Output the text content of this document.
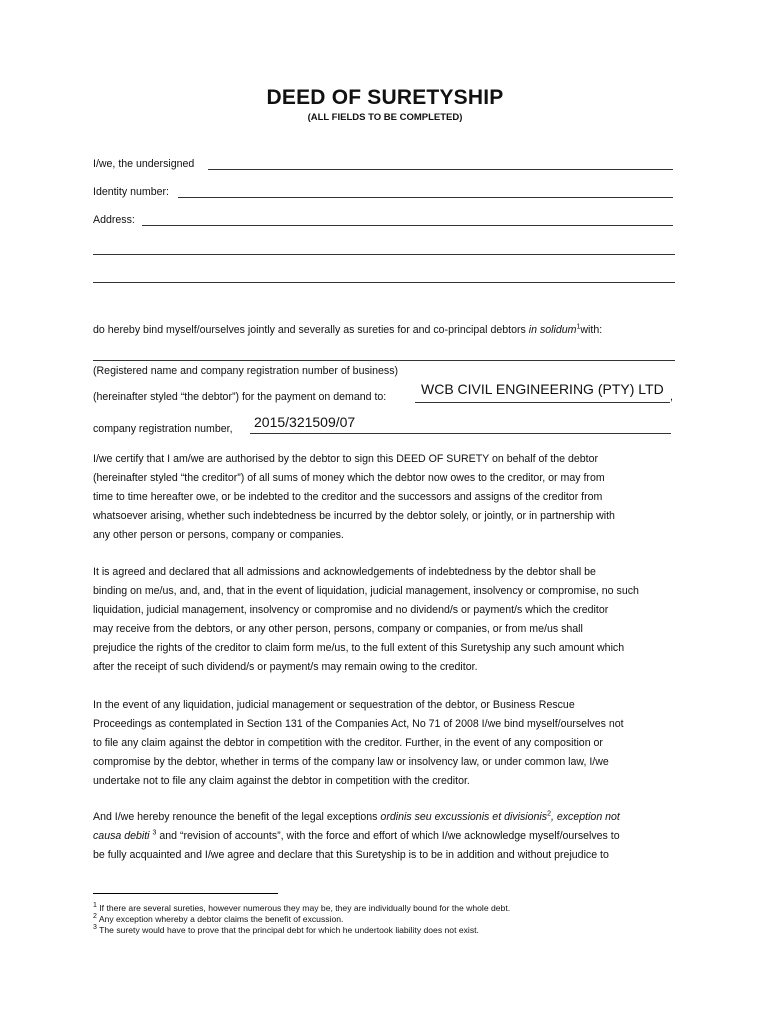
DEED OF SURETYSHIP
(ALL FIELDS TO BE COMPLETED)
I/we, the undersigned
Identity number:
Address:
do hereby bind myself/ourselves jointly and severally as sureties for and co-principal debtors in solidum$^1$with:
(Registered name and company registration number of business)
(hereinafter styled “the debtor”) for the payment on demand to: WCB CIVIL ENGINEERING (PTY) LTD ,
company registration number, 2015/321509/07
I/we certify that I am/we are authorised by the debtor to sign this DEED OF SURETY on behalf of the debtor
(hereinafter styled “the creditor”) of all sums of money which the debtor now owes to the creditor, or may from
time to time hereafter owe, or be indebted to the creditor and the successors and assigns of the creditor from
whatsoever arising, whether such indebtedness be incurred by the debtor solely, or jointly, or in partnership with
any other person or persons, company or companies.
It is agreed and declared that all admissions and acknowledgements of indebtedness by the debtor shall be
binding on me/us, and, and, that in the event of liquidation, judicial management, insolvency or compromise, no such
liquidation, judicial management, insolvency or compromise and no dividend/s or payment/s which the creditor
may receive from the debtors, or any other person, persons, company or companies, or from me/us shall
prejudice the rights of the creditor to claim form me/us, to the full extent of this Suretyship any such amount which
after the receipt of such dividend/s or payment/s may remain owing to the creditor.
In the event of any liquidation, judicial management or sequestration of the debtor, or Business Rescue
Proceedings as contemplated in Section 131 of the Companies Act, No 71 of 2008 I/we bind myself/ourselves not
to file any claim against the debtor in competition with the creditor. Further, in the event of any composition or
compromise by the debtor, whether in terms of the company law or insolvency law, or under common law, I/we
undertake not to file any claim against the debtor in competition with the creditor.
And I/we hereby renounce the benefit of the legal exceptions ordinis seu excussionis et divisionis$^2$, exception not
causa debiti $^3$ and “revision of accounts”, with the force and effort of which I/we acknowledge myself/ourselves to
be fully acquainted and I/we agree and declare that this Suretyship is to be in addition and without prejudice to
$^1$ If there are several sureties, however numerous they may be, they are individually bound for the whole debt.
$^2$ Any exception whereby a debtor claims the benefit of excussion.
$^3$ The surety would have to prove that the principal debt for which he undertook liability does not exist.
